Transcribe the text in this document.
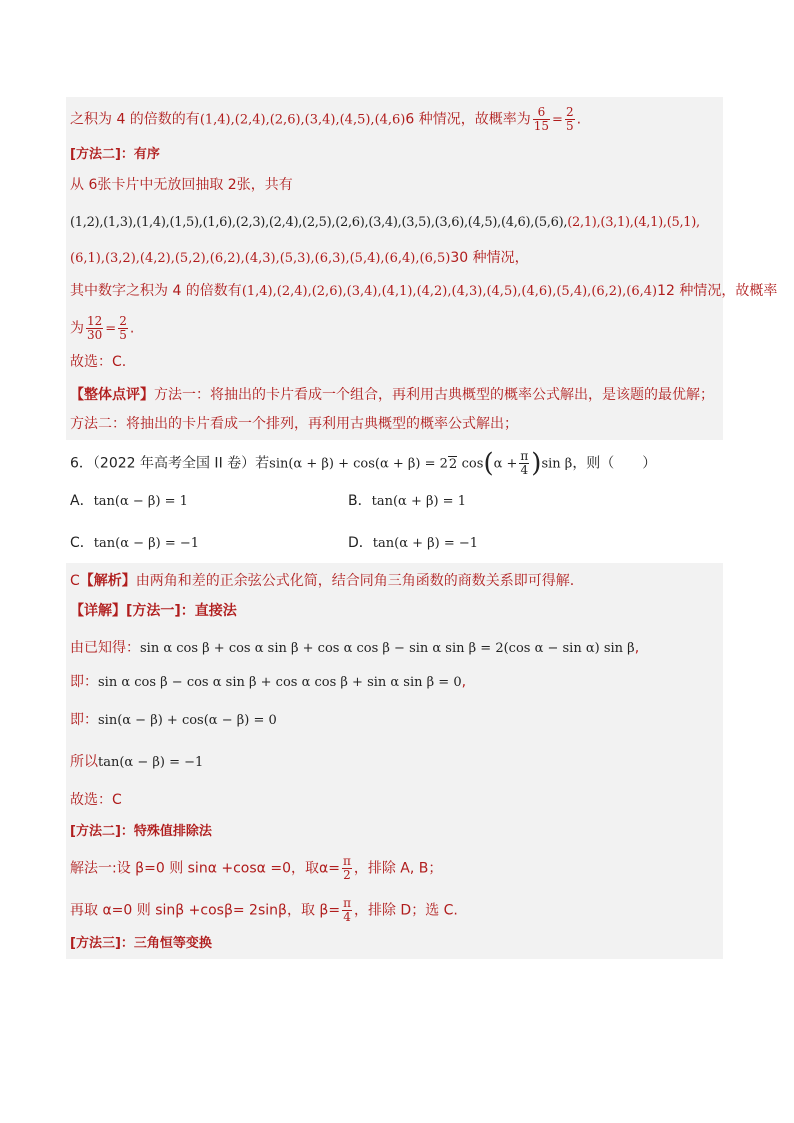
之积为 4 的倍数的有(1,4),(2,4),(2,6),(3,4),(4,5),(4,6)6 种情况，故概率为 $\frac{6}{15} = \frac{2}{5}$ .
[方法二]：有序
从 6张卡片中无放回抽取 2张，共有
(1,2),(1,3),(1,4),(1,5),(1,6),(2,3),(2,4),(2,5),(2,6),(3,4),(3,5),(3,6),(4,5),(4,6),(5,6),(2,1),(3,1),(4,1),(5,1),
(6,1),(3,2),(4,2),(5,2),(6,2),(4,3),(5,3),(6,3),(5,4),(6,4),(6,5)30 种情况，
其中数字之积为 4 的倍数有(1,4),(2,4),(2,6),(3,4),(4,1),(4,2),(4,3),(4,5),(4,6),(5,4),(6,2),(6,4)12 种情况，故概率
为 $\frac{12}{30} = \frac{2}{5}$ .
故选：C.
【整体点评】方法一：将抽出的卡片看成一个组合，再利用古典概型的概率公式解出，是该题的最优解；
方法二：将抽出的卡片看成一个排列，再利用古典概型的概率公式解出；
6．（2022 年高考全国 II 卷）若sin(α + β) + cos(α + β) = 22 $\cos(\alpha + \frac{\pi}{4} )\sin$ β，则（　　）
A．tan(α − β) = 1	B．tan(α + β) = 1
C．tan(α − β) = −1	D．tan(α + β) = −1
C【解析】由两角和差的正余弦公式化简，结合同角三角函数的商数关系即可得解.
【详解】[方法一]：直接法
由已知得：sin α cos β + cos α sin β + cos α cos β − sin α sin β = 2(cos α − sin α) sin β,
即：sin α cos β − cos α sin β + cos α cos β + sin α sin β = 0,
即：sin(α − β) + cos(α − β) = 0
所以tan(α − β) = −1
故选：C
[方法二]：特殊值排除法
解法一:设 β=0 则 sinα +cosα =0，取$\alpha= \frac{\pi}{2}$ ，排除 A, B；
再取 α=0 则 sinβ +cosβ= 2sinβ，取 $\beta= \frac{\pi}{4}$ ，排除 D；选 C.
[方法三]：三角恒等变换
